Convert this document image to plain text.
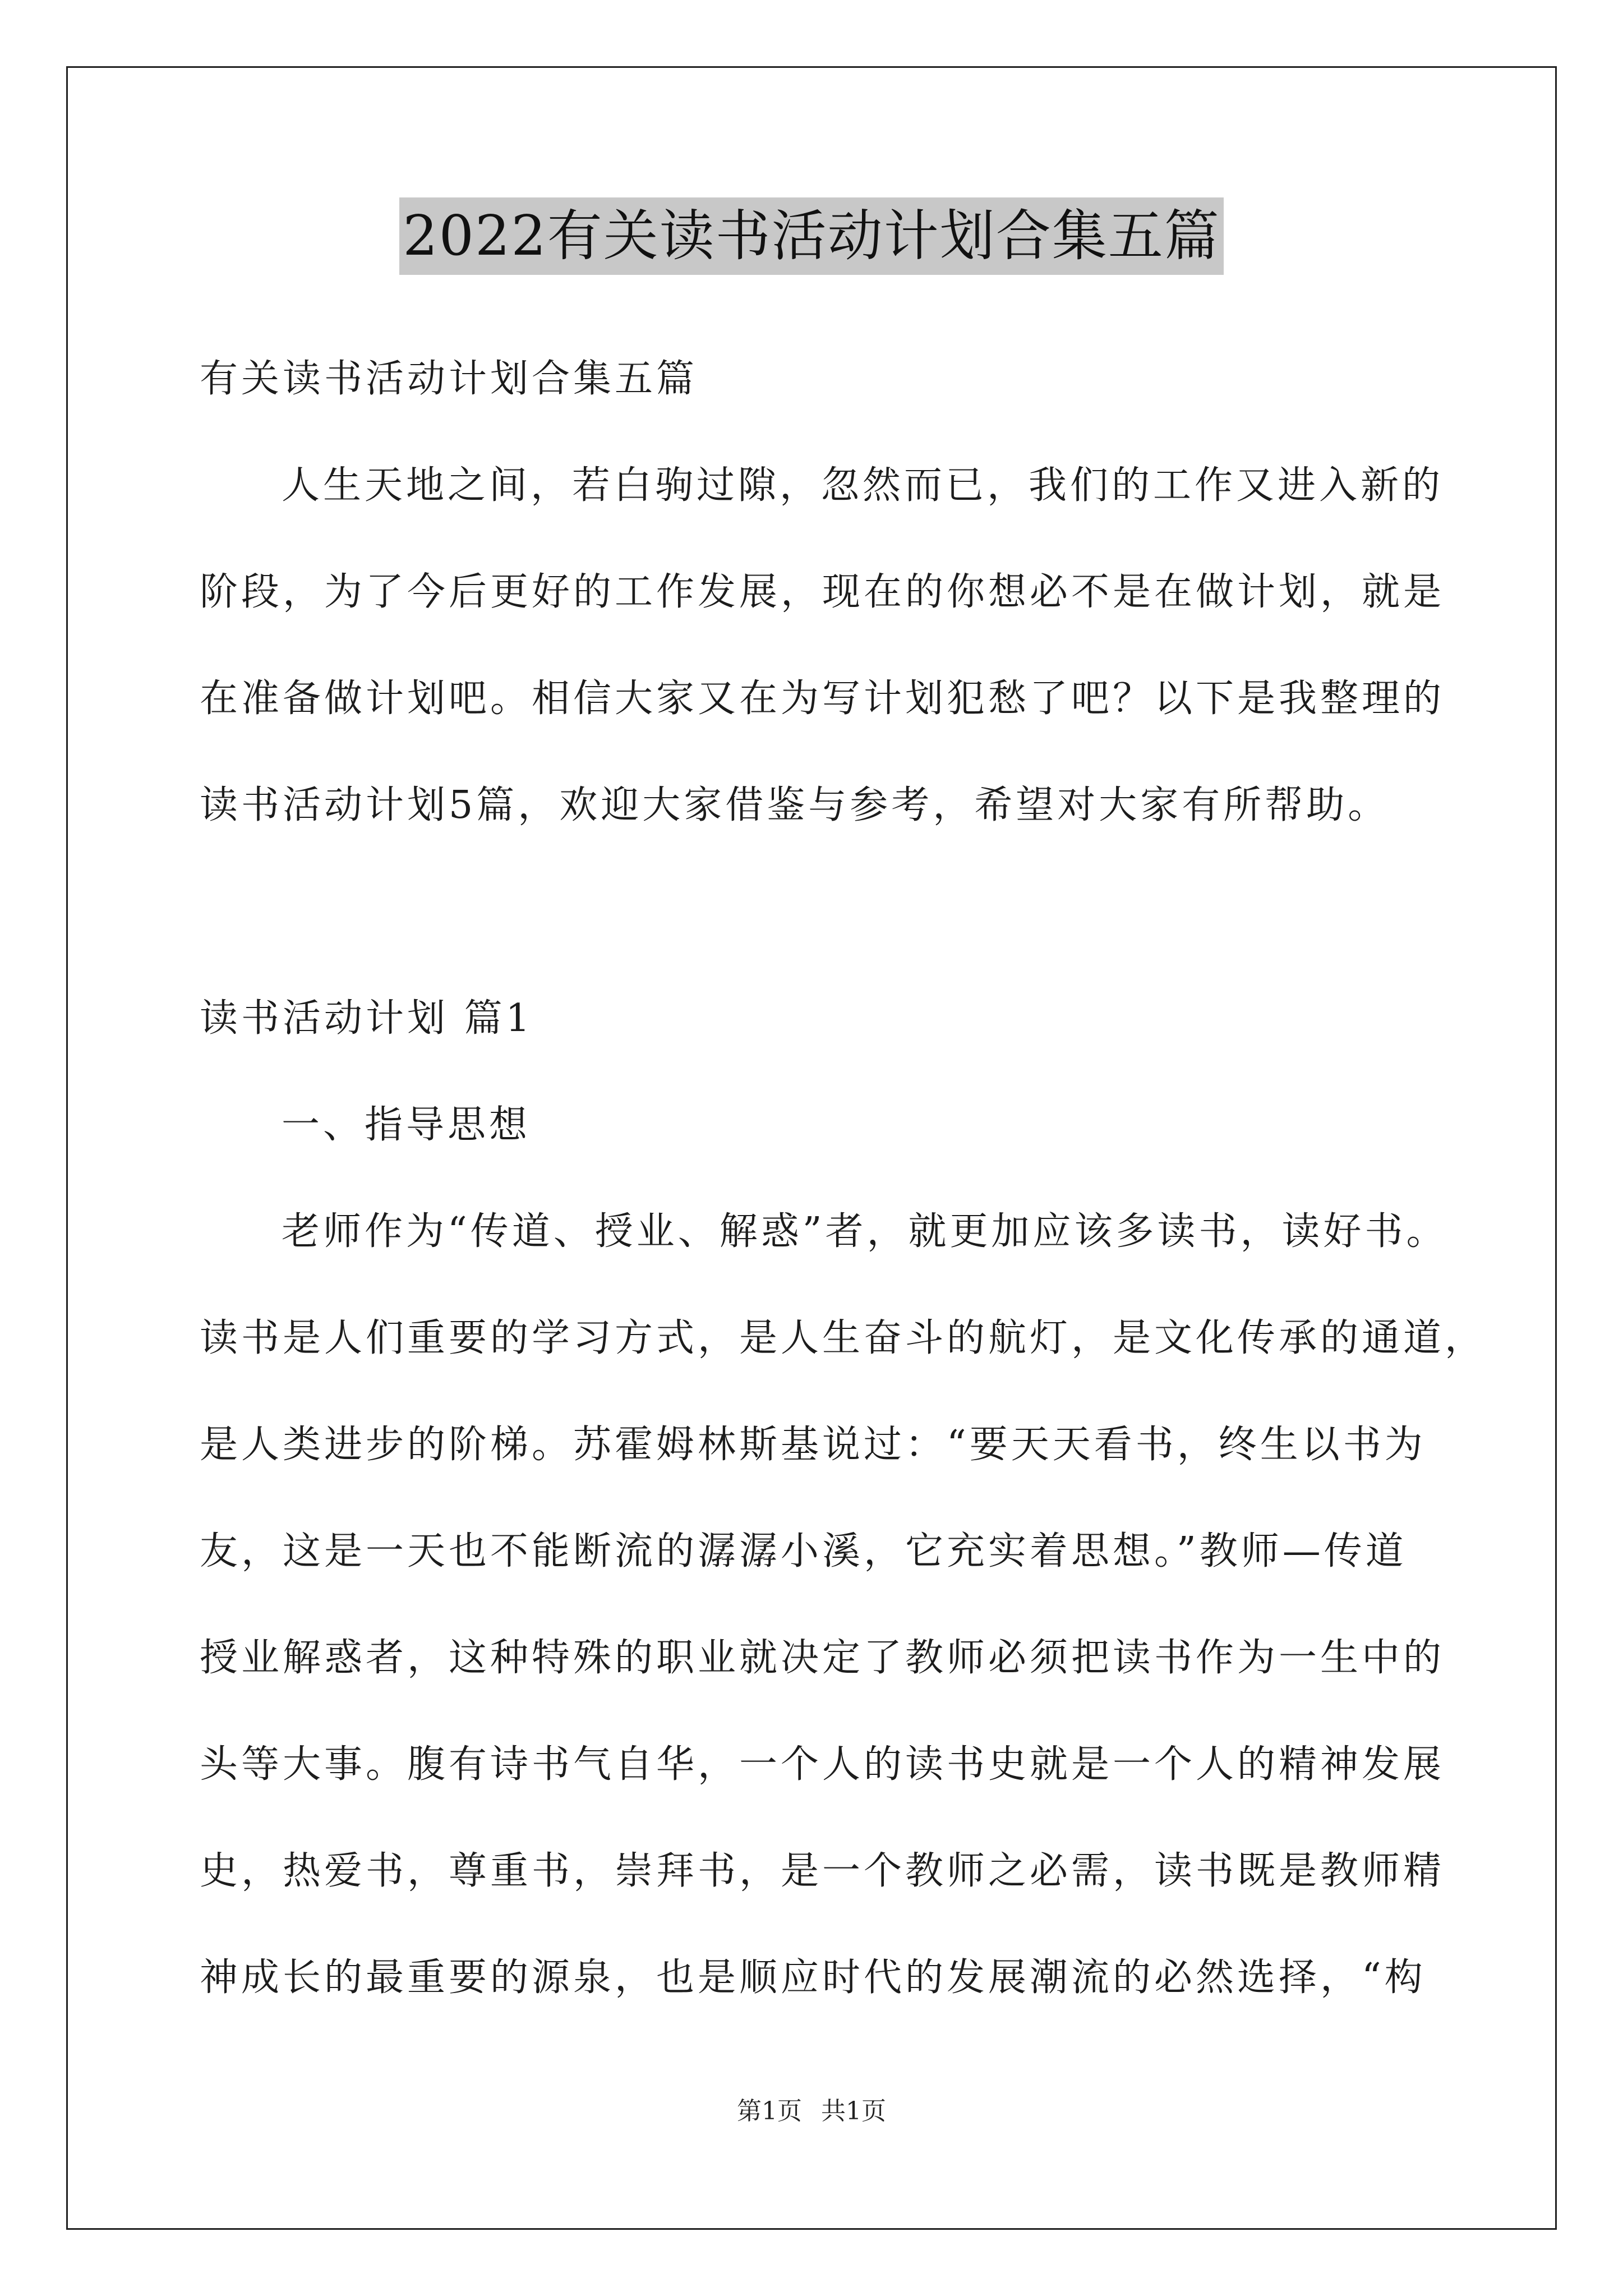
2022有关读书活动计划合集五篇
有关读书活动计划合集五篇
人生天地之间，若白驹过隙，忽然而已，我们的工作又进入新的
阶段，为了今后更好的工作发展，现在的你想必不是在做计划，就是
在准备做计划吧。相信大家又在为写计划犯愁了吧？以下是我整理的
读书活动计划5篇，欢迎大家借鉴与参考，希望对大家有所帮助。
读书活动计划 篇1
一、指导思想
老师作为“传道、授业、解惑”者，就更加应该多读书，读好书。
读书是人们重要的学习方式，是人生奋斗的航灯，是文化传承的通道，
是人类进步的阶梯。苏霍姆林斯基说过：“要天天看书，终生以书为
友，这是一天也不能断流的潺潺小溪，它充实着思想。”教师—传道
授业解惑者，这种特殊的职业就决定了教师必须把读书作为一生中的
头等大事。腹有诗书气自华，一个人的读书史就是一个人的精神发展
史，热爱书，尊重书，崇拜书，是一个教师之必需，读书既是教师精
神成长的最重要的源泉，也是顺应时代的发展潮流的必然选择，“构
第1页 共1页
